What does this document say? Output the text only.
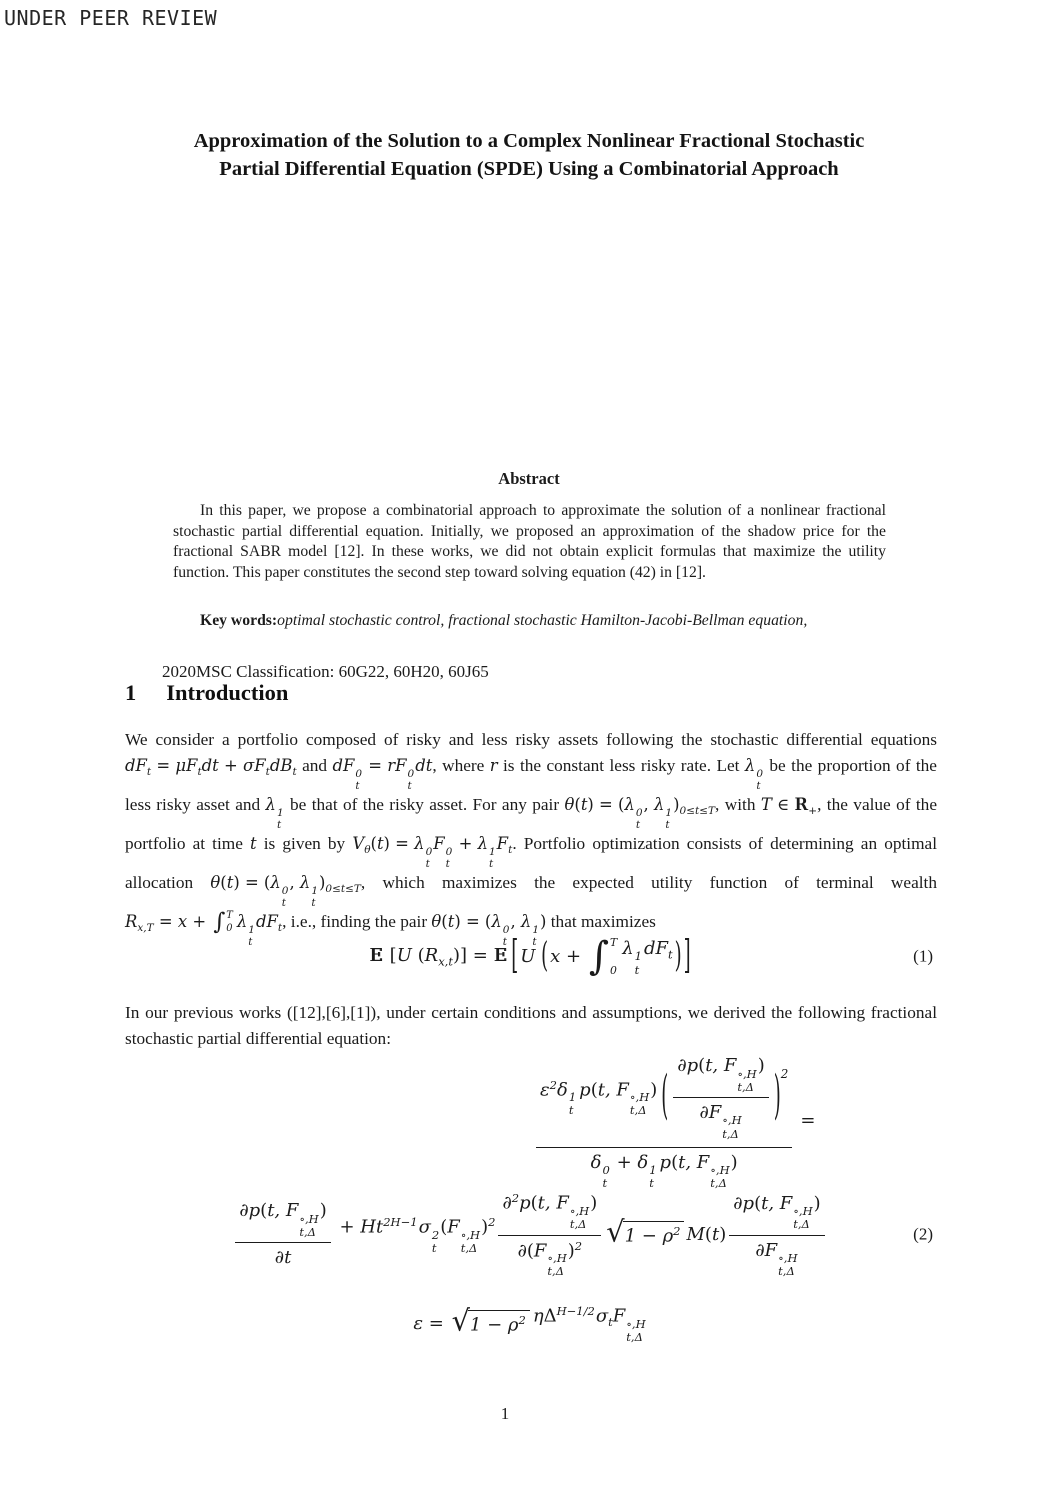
UNDER PEER REVIEW
Approximation of the Solution to a Complex Nonlinear Fractional Stochastic
Partial Differential Equation (SPDE) Using a Combinatorial Approach
Abstract
In this paper, we propose a combinatorial approach to approximate the solution of a nonlinear fractional stochastic partial differential equation. Initially, we proposed an approximation of the shadow price for the fractional SABR model [12]. In these works, we did not obtain explicit formulas that maximize the utility function. This paper constitutes the second step toward solving equation (42) in [12].
Key words:optimal stochastic control, fractional stochastic Hamilton-Jacobi-Bellman equation,
2020MSC Classification: 60G22, 60H20, 60J65
1 Introduction
We consider a portfolio composed of risky and less risky assets following the stochastic differential equations $dF_t = \mu F_tdt + \sigma F_tdB_t$ and dF 0
t
= rF 0
t
dt, where r is the constant less risky rate. Let λ 0
t
be the proportion of the less risky asset and λ 1
t
be that of the risky asset. For any pair θ(t) = (λ 0
t
, λ 1
t
)$_{0\le t\le T}$, with T ∈ $R_+$, the value of the portfolio at time t is given by $V_\theta(t) = \lambda$ 0
t
F 0
t
+ λ 1
t
$F_t$. Portfolio optimization consists of determining an optimal allocation θ(t) = (λ 0
t
, λ 1
t
)$_{0\le t\le T}$, which maximizes the expected utility function of terminal wealth $R_{x,T} = x$ + ∫ T
0 λ 1
t
$dF_t$, i.e., finding the pair θ(t) = (λ 0
t
, λ 1
t
) that maximizes
E [U $(R_{x,t})] = E$ [ U ( x + ∫ T
0
λ 1
t
$dF_t$ ) ]	(1)
In our previous works ([12],[6],[1]), under certain conditions and assumptions, we derived the following fractional stochastic partial differential equation:
$\varepsilon^2\delta$ 1
t
p(t, F ∘,H
t,Δ
) ( ∂p(t, F ∘,H
t,Δ
)
∂F ∘,H
t,Δ ) $^2$
δ 0
t
+ δ 1
t
p(t, F ∘,H
t,Δ
) =
∂p(t, F ∘,H
t,Δ
)
$\partial t + Ht^{2H-1}\sigma$ 2
t
(F ∘,H
t,Δ
)$^2$ ∂$^2$p(t, F ∘,H
t,Δ
)
∂(F ∘,H
t,Δ
)$^2$ √ $1 - \rho^2$ M(t) ∂p(t, F ∘,H
t,Δ
)
∂F ∘,H
t,Δ	(2)
ε = √ $1 - \rho^2$ $\eta\Delta^{H-1/2}\sigma_tF$ ∘,H
t,Δ
1
